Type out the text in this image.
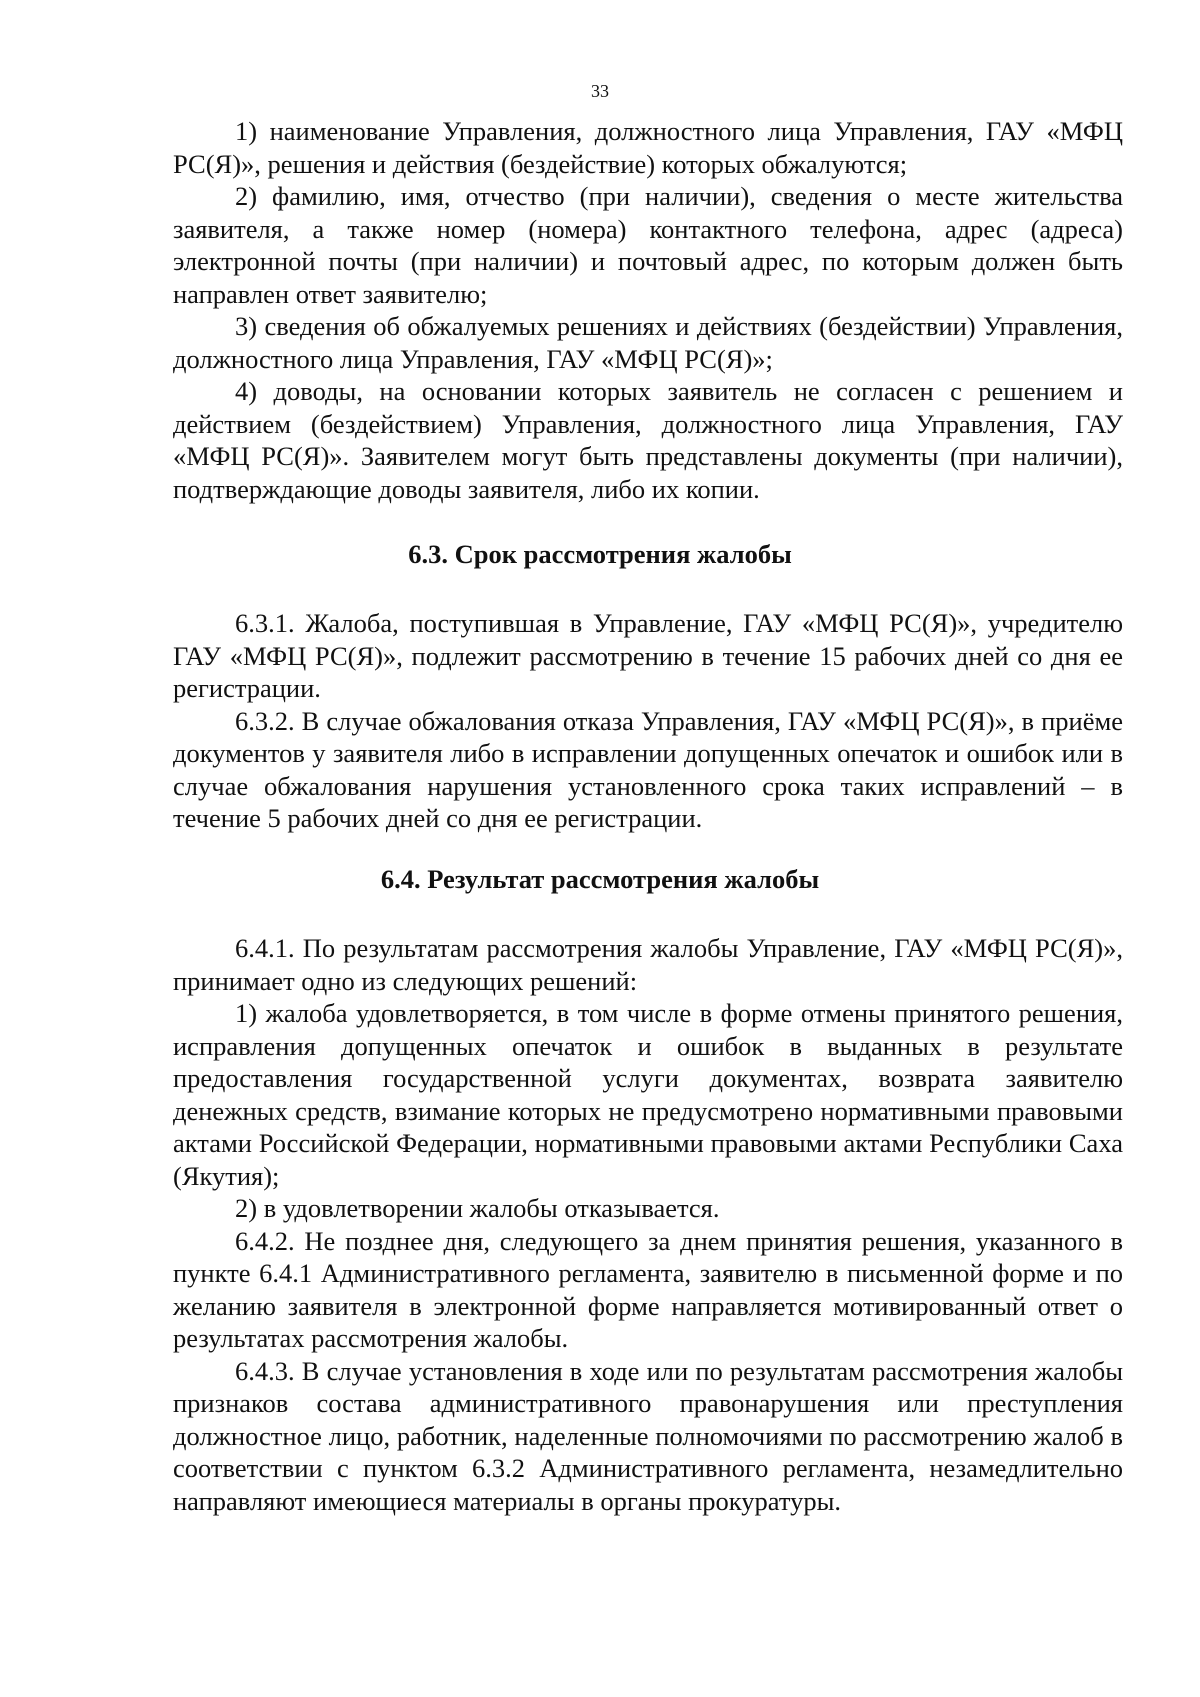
33

1) наименование Управления, должностного лица Управления, ГАУ «МФЦ РС(Я)», решения и действия (бездействие) которых обжалуются;

2) фамилию, имя, отчество (при наличии), сведения о месте жительства заявителя, а также номер (номера) контактного телефона, адрес (адреса) электронной почты (при наличии) и почтовый адрес, по которым должен быть направлен ответ заявителю;

3) сведения об обжалуемых решениях и действиях (бездействии) Управления, должностного лица Управления, ГАУ «МФЦ РС(Я)»;

4) доводы, на основании которых заявитель не согласен с решением и действием (бездействием) Управления, должностного лица Управления, ГАУ «МФЦ РС(Я)». Заявителем могут быть представлены документы (при наличии), подтверждающие доводы заявителя, либо их копии.

6.3. Срок рассмотрения жалобы

6.3.1. Жалоба, поступившая в Управление, ГАУ «МФЦ РС(Я)», учредителю ГАУ «МФЦ РС(Я)», подлежит рассмотрению в течение 15 рабочих дней со дня ее регистрации.

6.3.2. В случае обжалования отказа Управления, ГАУ «МФЦ РС(Я)», в приёме документов у заявителя либо в исправлении допущенных опечаток и ошибок или в случае обжалования нарушения установленного срока таких исправлений – в течение 5 рабочих дней со дня ее регистрации.

6.4. Результат рассмотрения жалобы

6.4.1. По результатам рассмотрения жалобы Управление, ГАУ «МФЦ РС(Я)», принимает одно из следующих решений:

1) жалоба удовлетворяется, в том числе в форме отмены принятого решения, исправления допущенных опечаток и ошибок в выданных в результате предоставления государственной услуги документах, возврата заявителю денежных средств, взимание которых не предусмотрено нормативными правовыми актами Российской Федерации, нормативными правовыми актами Республики Саха (Якутия);

2) в удовлетворении жалобы отказывается.

6.4.2. Не позднее дня, следующего за днем принятия решения, указанного в пункте 6.4.1 Административного регламента, заявителю в письменной форме и по желанию заявителя в электронной форме направляется мотивированный ответ о результатах рассмотрения жалобы.

6.4.3. В случае установления в ходе или по результатам рассмотрения жалобы признаков состава административного правонарушения или преступления должностное лицо, работник, наделенные полномочиями по рассмотрению жалоб в соответствии с пунктом 6.3.2 Административного регламента, незамедлительно направляют имеющиеся материалы в органы прокуратуры.
